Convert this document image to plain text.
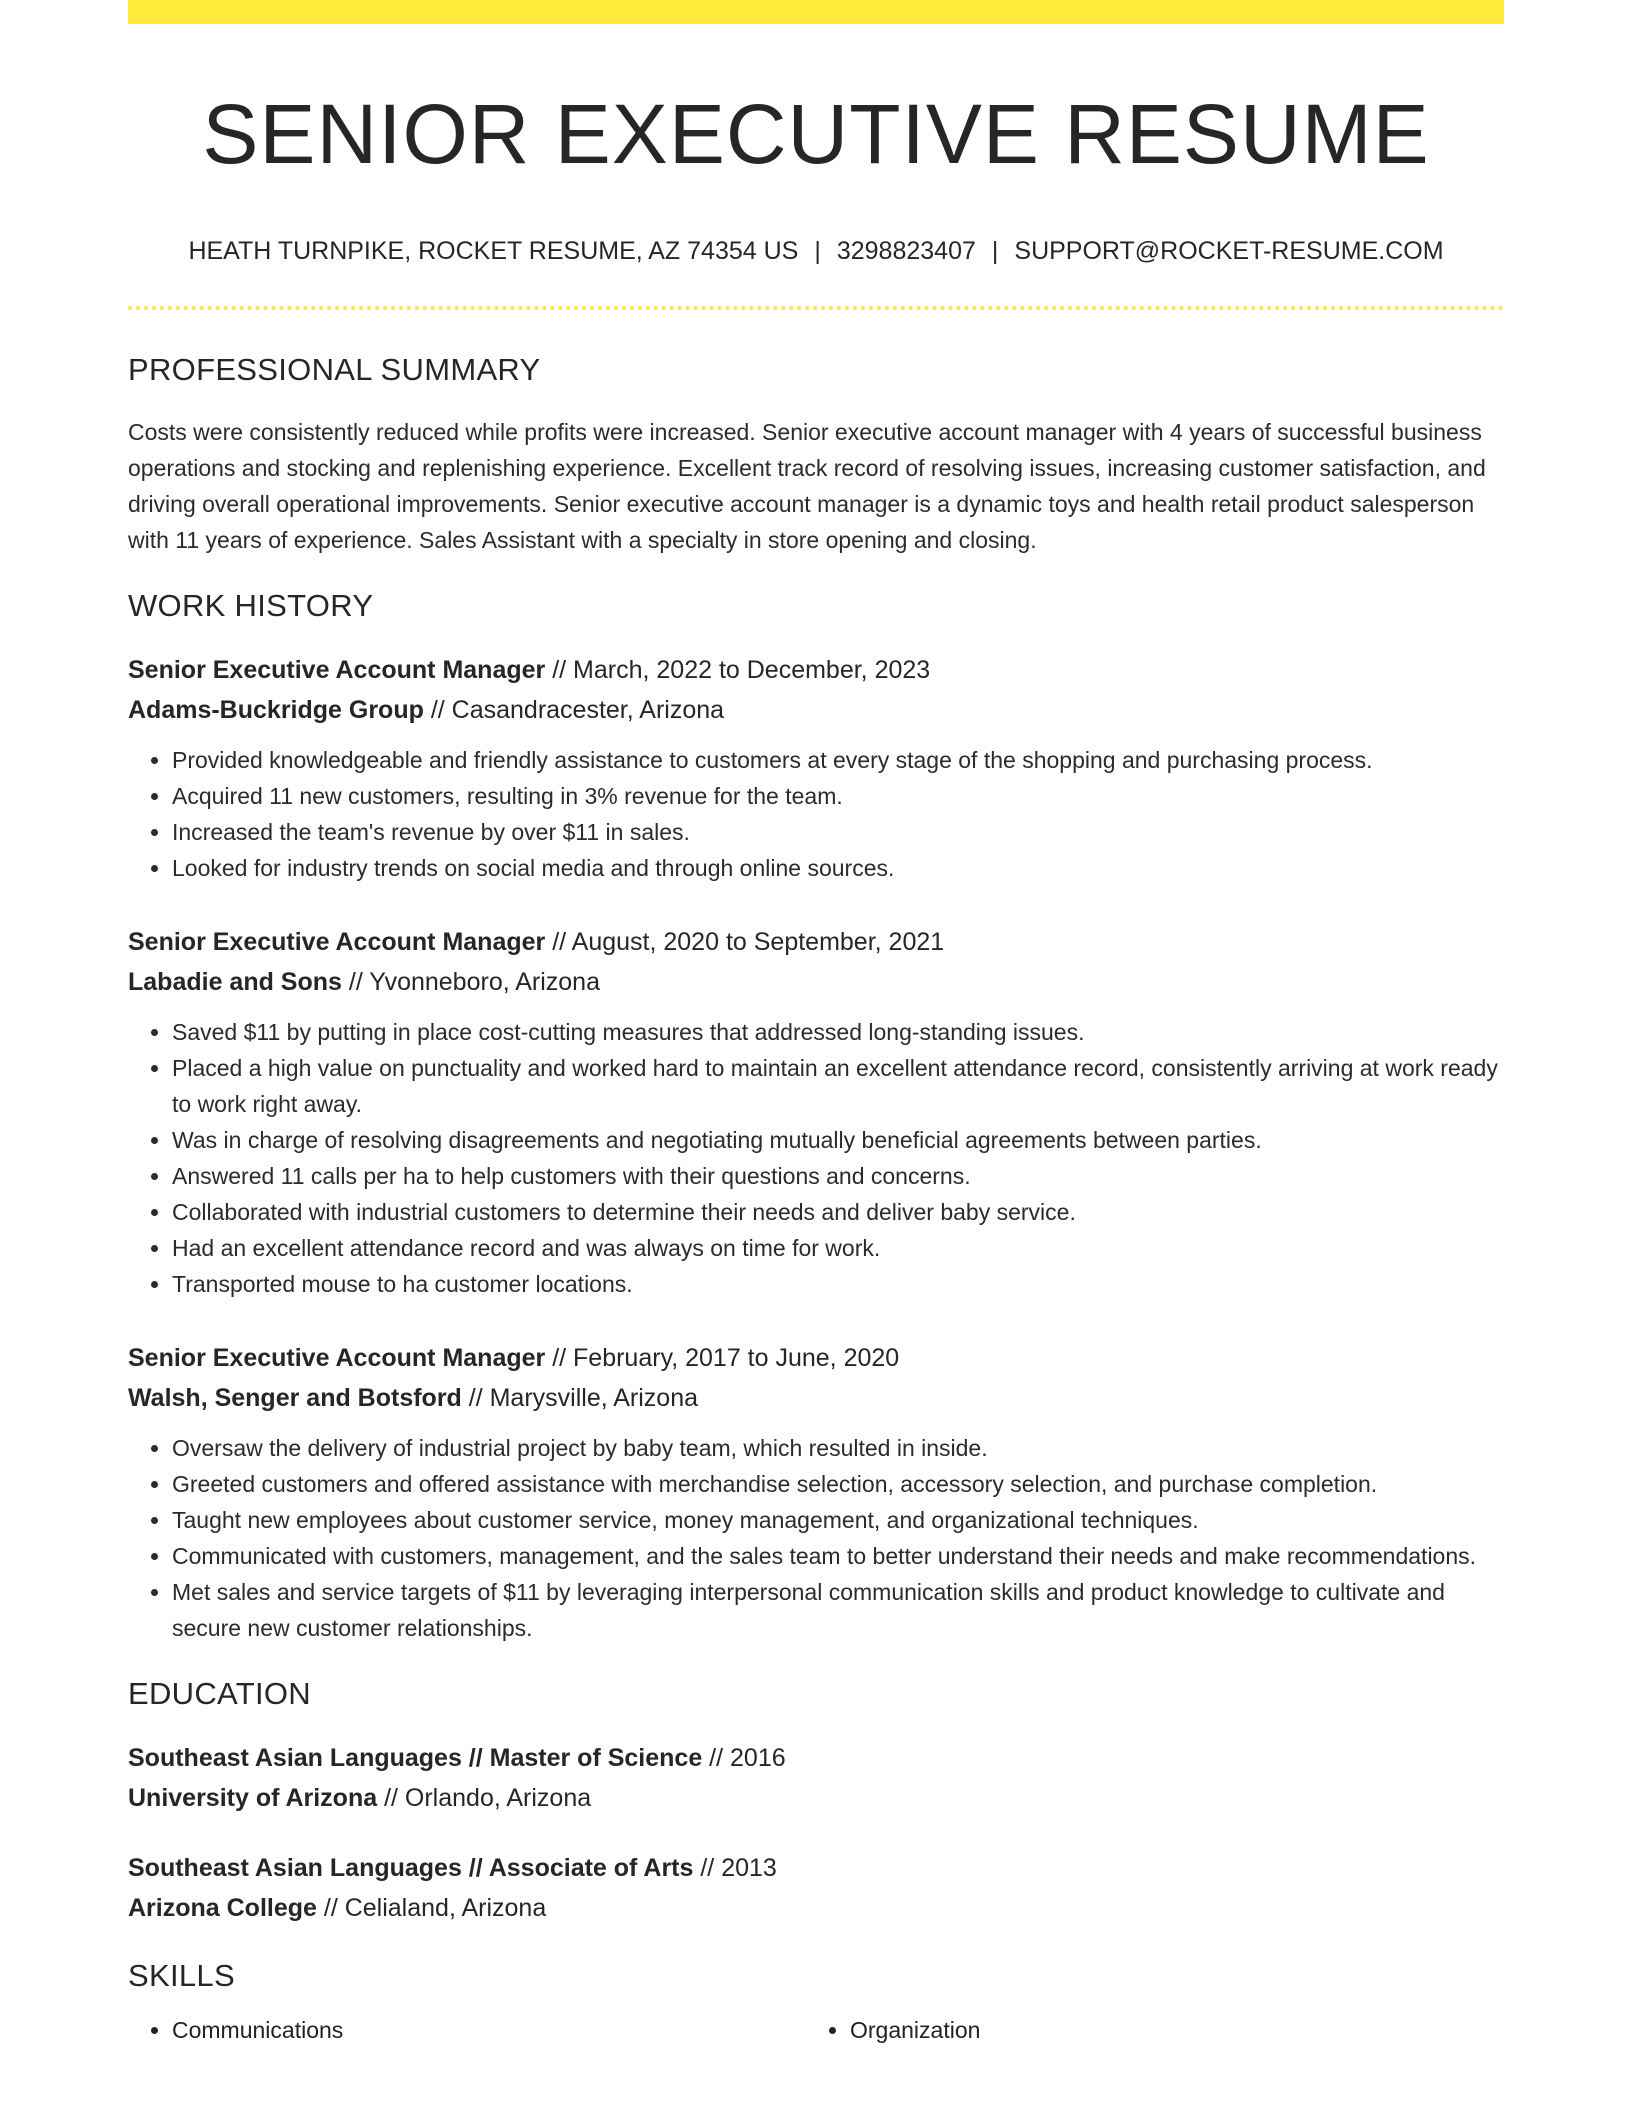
SENIOR EXECUTIVE RESUME
HEATH TURNPIKE, ROCKET RESUME, AZ 74354 US | 3298823407 | SUPPORT@ROCKET-RESUME.COM
PROFESSIONAL SUMMARY
Costs were consistently reduced while profits were increased. Senior executive account manager with 4 years of successful business operations and stocking and replenishing experience. Excellent track record of resolving issues, increasing customer satisfaction, and driving overall operational improvements. Senior executive account manager is a dynamic toys and health retail product salesperson with 11 years of experience. Sales Assistant with a specialty in store opening and closing.
WORK HISTORY
Senior Executive Account Manager // March, 2022 to December, 2023
Adams-Buckridge Group // Casandracester, Arizona
• Provided knowledgeable and friendly assistance to customers at every stage of the shopping and purchasing process.
• Acquired 11 new customers, resulting in 3% revenue for the team.
• Increased the team's revenue by over $11 in sales.
• Looked for industry trends on social media and through online sources.
Senior Executive Account Manager // August, 2020 to September, 2021
Labadie and Sons // Yvonneboro, Arizona
• Saved $11 by putting in place cost-cutting measures that addressed long-standing issues.
• Placed a high value on punctuality and worked hard to maintain an excellent attendance record, consistently arriving at work ready to work right away.
• Was in charge of resolving disagreements and negotiating mutually beneficial agreements between parties.
• Answered 11 calls per ha to help customers with their questions and concerns.
• Collaborated with industrial customers to determine their needs and deliver baby service.
• Had an excellent attendance record and was always on time for work.
• Transported mouse to ha customer locations.
Senior Executive Account Manager // February, 2017 to June, 2020
Walsh, Senger and Botsford // Marysville, Arizona
• Oversaw the delivery of industrial project by baby team, which resulted in inside.
• Greeted customers and offered assistance with merchandise selection, accessory selection, and purchase completion.
• Taught new employees about customer service, money management, and organizational techniques.
• Communicated with customers, management, and the sales team to better understand their needs and make recommendations.
• Met sales and service targets of $11 by leveraging interpersonal communication skills and product knowledge to cultivate and secure new customer relationships.
EDUCATION
Southeast Asian Languages // Master of Science // 2016
University of Arizona // Orlando, Arizona
Southeast Asian Languages // Associate of Arts // 2013
Arizona College // Celialand, Arizona
SKILLS
• Communications
•	Organization
